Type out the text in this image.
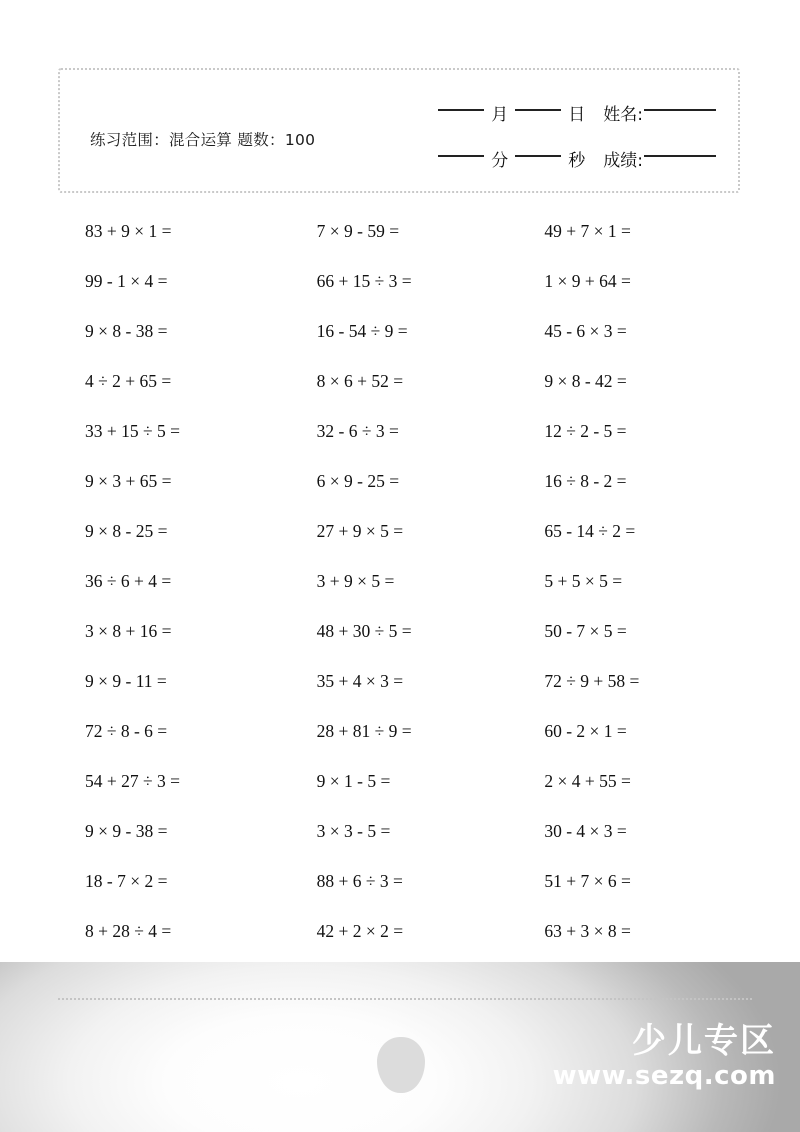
练习范围：混合运算 题数：100
月	日 姓名:
分	秒 成绩:
83 + 9 × 1 =	7 × 9 - 59 =	49 + 7 × 1 =
99 - 1 × 4 =	66 + 15 ÷ 3 =	1 × 9 + 64 =
9 × 8 - 38 =	16 - 54 ÷ 9 =	45 - 6 × 3 =
4 ÷ 2 + 65 =	8 × 6 + 52 =	9 × 8 - 42 =
33 + 15 ÷ 5 =	32 - 6 ÷ 3 =	12 ÷ 2 - 5 =
9 × 3 + 65 =	6 × 9 - 25 =	16 ÷ 8 - 2 =
9 × 8 - 25 =	27 + 9 × 5 =	65 - 14 ÷ 2 =
36 ÷ 6 + 4 =	3 + 9 × 5 =	5 + 5 × 5 =
3 × 8 + 16 =	48 + 30 ÷ 5 =	50 - 7 × 5 =
9 × 9 - 11 =	35 + 4 × 3 =	72 ÷ 9 + 58 =
72 ÷ 8 - 6 =	28 + 81 ÷ 9 =	60 - 2 × 1 =
54 + 27 ÷ 3 =	9 × 1 - 5 =	2 × 4 + 55 =
9 × 9 - 38 =	3 × 3 - 5 =	30 - 4 × 3 =
18 - 7 × 2 =	88 + 6 ÷ 3 =	51 + 7 × 6 =
8 + 28 ÷ 4 =	42 + 2 × 2 =	63 + 3 × 8 =
少儿专区
www.sezq.com
